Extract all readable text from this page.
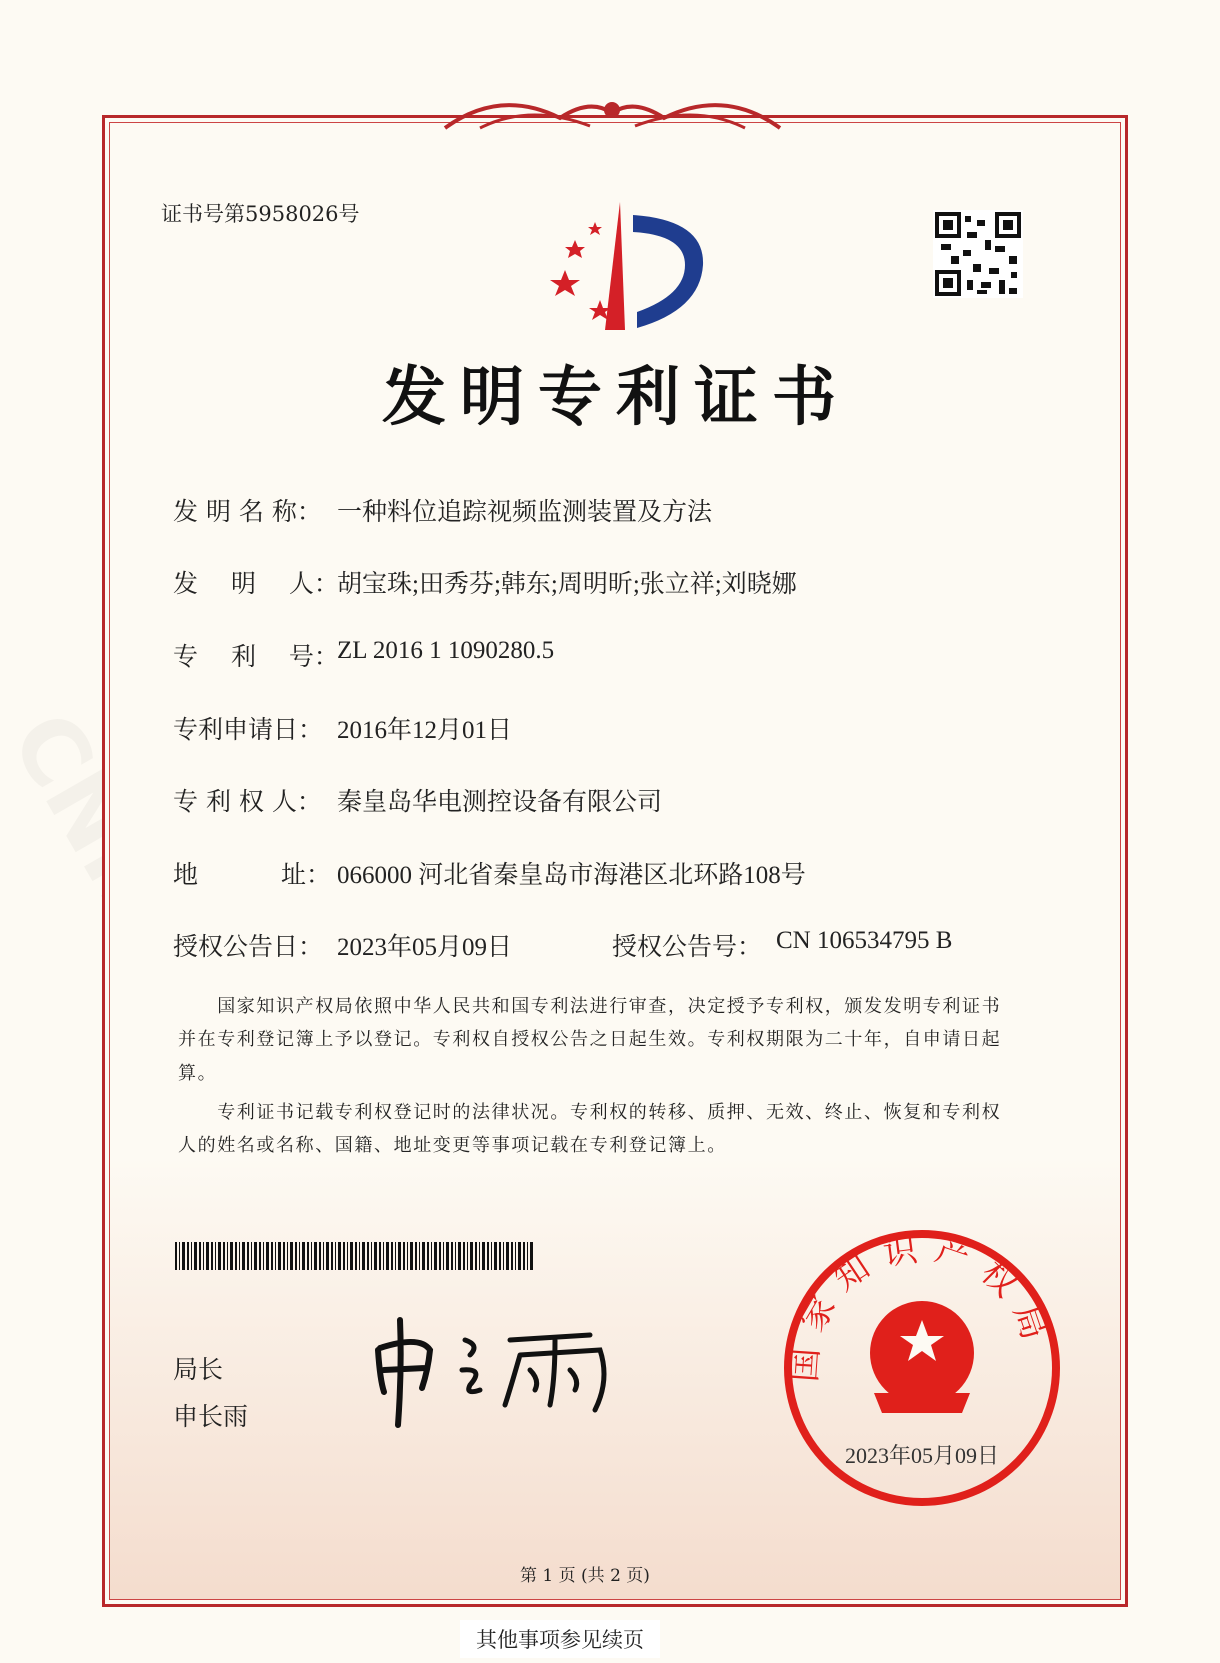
证书号第5958026号
发明专利证书
发 明 名 称： 一种料位追踪视频监测装置及方法
发　 明　 人：
胡宝珠;田秀芬;韩东;周明昕;张立祥;刘晓娜
专　 利　 号：
ZL 2016 1 1090280.5
专利申请日： 2016年12月01日
专 利 权 人： 秦皇岛华电测控设备有限公司
地　　　 址： 066000 河北省秦皇岛市海港区北环路108号
授权公告日： 2023年05月09日	授权公告号： CN 106534795 B
　　国家知识产权局依照中华人民共和国专利法进行审查，决定授予专利权，颁发发明专利证书
并在专利登记簿上予以登记。专利权自授权公告之日起生效。专利权期限为二十年，自申请日起
算。
　　专利证书记载专利权登记时的法律状况。专利权的转移、质押、无效、终止、恢复和专利权
人的姓名或名称、国籍、地址变更等事项记载在专利登记簿上。
局长
申长雨
国家知识产权局
2023年05月09日
第 1 页 (共 2 页)
其他事项参见续页
